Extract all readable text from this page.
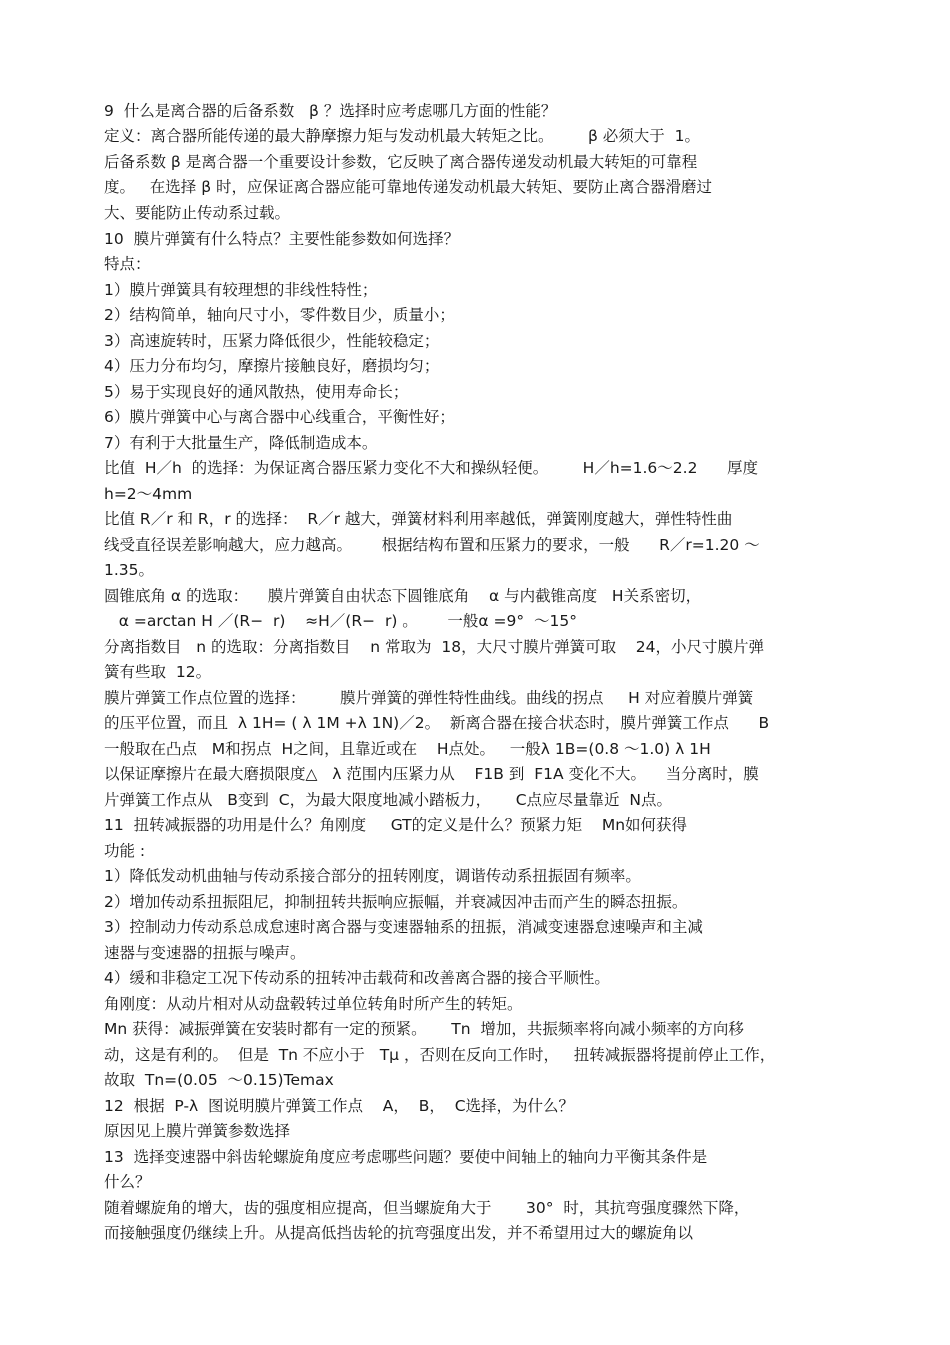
9  什么是离合器的后备系数   β ？选择时应考虑哪几方面的性能？
定义：离合器所能传递的最大静摩擦力矩与发动机最大转矩之比。       β 必须大于  1。
后备系数 β 是离合器一个重要设计参数，它反映了离合器传递发动机最大转矩的可靠程
度。   在选择 β 时，应保证离合器应能可靠地传递发动机最大转矩、要防止离合器滑磨过
大、要能防止传动系过载。
10  膜片弹簧有什么特点？主要性能参数如何选择？
特点：
1）膜片弹簧具有较理想的非线性特性；
2）结构简单，轴向尺寸小，零件数目少，质量小；
3）高速旋转时，压紧力降低很少，性能较稳定；
4）压力分布均匀，摩擦片接触良好，磨损均匀；
5）易于实现良好的通风散热，使用寿命长；
6）膜片弹簧中心与离合器中心线重合，平衡性好；
7）有利于大批量生产，降低制造成本。
比值  H／h  的选择：为保证离合器压紧力变化不大和操纵轻便。       H／h=1.6～2.2      厚度
h=2～4mm
比值 R／r 和 R，r 的选择：  R／r 越大，弹簧材料利用率越低，弹簧刚度越大，弹性特性曲
线受直径误差影响越大，应力越高。      根据结构布置和压紧力的要求，一般      R／r=1.20 ～
1.35。
圆锥底角 α 的选取：    膜片弹簧自由状态下圆锥底角    α 与内截锥高度   H关系密切，
α =arctan H ／(R−  r)    ≈H／(R−  r) 。      一般α =9°  ～15°
分离指数目   n 的选取：分离指数目    n 常取为  18，大尺寸膜片弹簧可取    24，小尺寸膜片弹
簧有些取  12。
膜片弹簧工作点位置的选择：       膜片弹簧的弹性特性曲线。曲线的拐点     H 对应着膜片弹簧
的压平位置，而且  λ 1H= ( λ 1M +λ 1N)／2。  新离合器在接合状态时，膜片弹簧工作点      B
一般取在凸点   M和拐点  H之间，且靠近或在    H点处。   一般λ 1B=(0.8 ～1.0) λ 1H
以保证摩擦片在最大磨损限度△   λ 范围内压紧力从    F1B 到  F1A 变化不大。    当分离时，膜
片弹簧工作点从   B变到  C，为最大限度地减小踏板力，     C点应尽量靠近  N点。
11  扭转减振器的功用是什么？角刚度     GT的定义是什么？预紧力矩    Mn如何获得
功能 :
1）降低发动机曲轴与传动系接合部分的扭转刚度，调谐传动系扭振固有频率。
2）增加传动系扭振阻尼，抑制扭转共振响应振幅，并衰减因冲击而产生的瞬态扭振。
3）控制动力传动系总成怠速时离合器与变速器轴系的扭振，消减变速器怠速噪声和主减
速器与变速器的扭振与噪声。
4）缓和非稳定工况下传动系的扭转冲击载荷和改善离合器的接合平顺性。
角刚度：从动片相对从动盘毂转过单位转角时所产生的转矩。
Mn 获得：减振弹簧在安装时都有一定的预紧。     Tn  增加，共振频率将向减小频率的方向移
动，这是有利的。  但是  Tn 不应小于   Tμ ，否则在反向工作时，   扭转减振器将提前停止工作，
故取  Tn=(0.05  ～0.15)Temax
12  根据  P-λ  图说明膜片弹簧工作点    A，  B，  C选择，为什么？
原因见上膜片弹簧参数选择
13  选择变速器中斜齿轮螺旋角度应考虑哪些问题？要使中间轴上的轴向力平衡其条件是
什么？
随着螺旋角的增大，齿的强度相应提高，但当螺旋角大于       30°  时，其抗弯强度骤然下降，
而接触强度仍继续上升。从提高低挡齿轮的抗弯强度出发，并不希望用过大的螺旋角以
